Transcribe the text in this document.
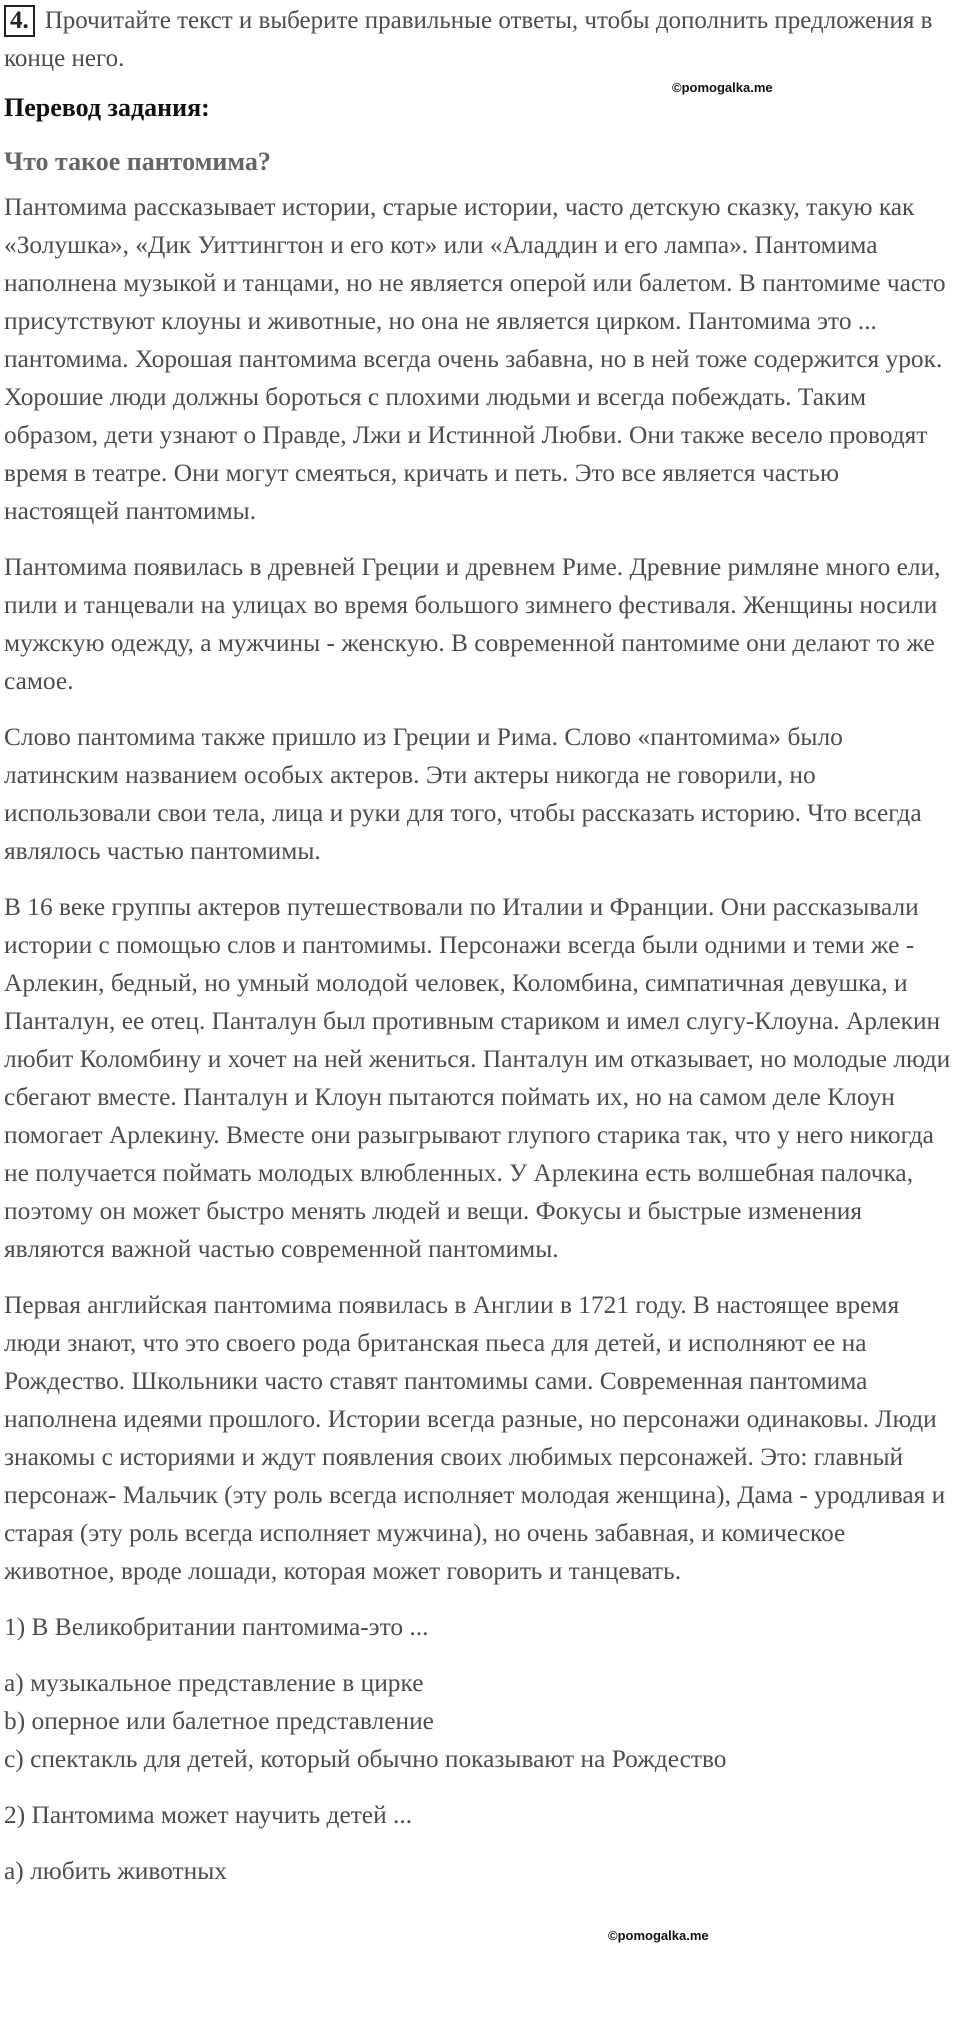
4. Прочитайте текст и выберите правильные ответы, чтобы дополнить предложения в конце него.
Перевод задания:
Что такое пантомима?

Пантомима рассказывает истории, старые истории, часто детскую сказку, такую как «Золушка», «Дик Уиттингтон и его кот» или «Аладдин и его лампа». Пантомима наполнена музыкой и танцами, но не является оперой или балетом. В пантомиме часто присутствуют клоуны и животные, но она не является цирком. Пантомима это ... пантомима. Хорошая пантомима всегда очень забавна, но в ней тоже содержится урок. Хорошие люди должны бороться с плохими людьми и всегда побеждать. Таким образом, дети узнают о Правде, Лжи и Истинной Любви. Они также весело проводят время в театре. Они могут смеяться, кричать и петь. Это все является частью настоящей пантомимы.

Пантомима появилась в древней Греции и древнем Риме. Древние римляне много ели, пили и танцевали на улицах во время большого зимнего фестиваля. Женщины носили мужскую одежду, а мужчины - женскую. В современной пантомиме они делают то же самое.

Слово пантомима также пришло из Греции и Рима. Слово «пантомима» было латинским названием особых актеров. Эти актеры никогда не говорили, но использовали свои тела, лица и руки для того, чтобы рассказать историю. Что всегда являлось частью пантомимы.

В 16 веке группы актеров путешествовали по Италии и Франции. Они рассказывали истории с помощью слов и пантомимы. Персонажи всегда были одними и теми же - Арлекин, бедный, но умный молодой человек, Коломбина, симпатичная девушка, и Панталун, ее отец. Панталун был противным стариком и имел слугу-Клоуна. Арлекин любит Коломбину и хочет на ней жениться. Панталун им отказывает, но молодые люди сбегают вместе. Панталун и Клоун пытаются поймать их, но на самом деле Клоун помогает Арлекину. Вместе они разыгрывают глупого старика так, что у него никогда не получается поймать молодых влюбленных. У Арлекина есть волшебная палочка, поэтому он может быстро менять людей и вещи. Фокусы и быстрые изменения являются важной частью современной пантомимы.

Первая английская пантомима появилась в Англии в 1721 году. В настоящее время люди знают, что это своего рода британская пьеса для детей, и исполняют ее на Рождество. Школьники часто ставят пантомимы сами. Современная пантомима наполнена идеями прошлого. Истории всегда разные, но персонажи одинаковы. Люди знакомы с историями и ждут появления своих любимых персонажей. Это: главный персонаж- Мальчик (эту роль всегда исполняет молодая женщина), Дама - уродливая и старая (эту роль всегда исполняет мужчина), но очень забавная, и комическое животное, вроде лошади, которая может говорить и танцевать.

1) В Великобритании пантомима-это ...
a) музыкальное представление в цирке
b) оперное или балетное представление
c) спектакль для детей, который обычно показывают на Рождество
2) Пантомима может научить детей ...
a) любить животных
©pomogalka.me
©pomogalka.me
